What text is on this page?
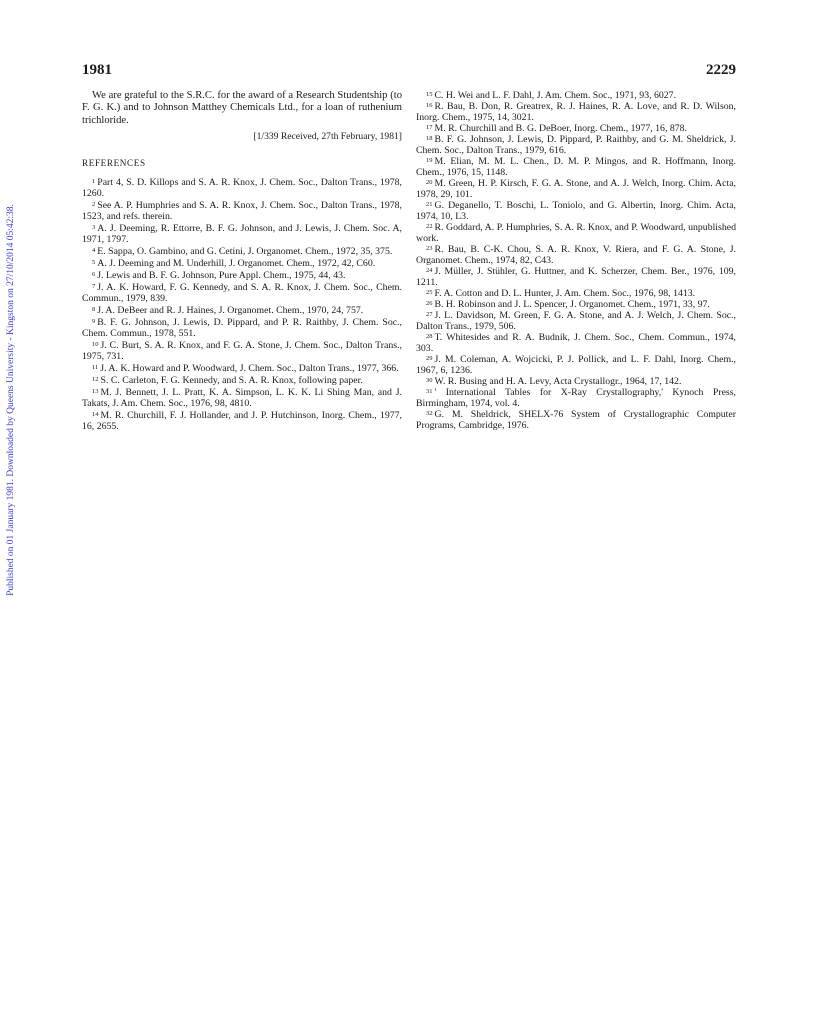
1981	2229
Published on 01 January 1981. Downloaded by Queens University - Kingston on 27/10/2014 05:42:38.

We are grateful to the S.R.C. for the award of a Research Studentship (to F. G. K.) and to Johnson Matthey Chemicals Ltd., for a loan of ruthenium trichloride.

[1/339 Received, 27th February, 1981]

REFERENCES

$^1$ Part 4, S. D. Killops and S. A. R. Knox, J. Chem. Soc., Dalton Trans., 1978, 1260.

$^2$ See A. P. Humphries and S. A. R. Knox, J. Chem. Soc., Dalton Trans., 1978, 1523, and refs. therein.

$^3$ A. J. Deeming, R. Ettorre, B. F. G. Johnson, and J. Lewis, J. Chem. Soc. A, 1971, 1797.

$^4$ E. Sappa, O. Gambino, and G. Cetini, J. Organomet. Chem., 1972, 35, 375.

$^5$ A. J. Deeming and M. Underhill, J. Organomet. Chem., 1972, 42, C60.

$^6$ J. Lewis and B. F. G. Johnson, Pure Appl. Chem., 1975, 44, 43.

$^7$ J. A. K. Howard, F. G. Kennedy, and S. A. R. Knox, J. Chem. Soc., Chem. Commun., 1979, 839.

$^8$ J. A. DeBeer and R. J. Haines, J. Organomet. Chem., 1970, 24, 757.

$^9$ B. F. G. Johnson, J. Lewis, D. Pippard, and P. R. Raithby, J. Chem. Soc., Chem. Commun., 1978, 551.

$^{10}$ J. C. Burt, S. A. R. Knox, and F. G. A. Stone, J. Chem. Soc., Dalton Trans., 1975, 731.

$^{11}$ J. A. K. Howard and P. Woodward, J. Chem. Soc., Dalton Trans., 1977, 366.

$^{12}$ S. C. Carleton, F. G. Kennedy, and S. A. R. Knox, following paper.

$^{13}$ M. J. Bennett, J. L. Pratt, K. A. Simpson, L. K. K. Li Shing Man, and J. Takats, J. Am. Chem. Soc., 1976, 98, 4810.

$^{14}$ M. R. Churchill, F. J. Hollander, and J. P. Hutchinson, Inorg. Chem., 1977, 16, 2655.

$^{15}$ C. H. Wei and L. F. Dahl, J. Am. Chem. Soc., 1971, 93, 6027.

$^{16}$ R. Bau, B. Don, R. Greatrex, R. J. Haines, R. A. Love, and R. D. Wilson, Inorg. Chem., 1975, 14, 3021.

$^{17}$ M. R. Churchill and B. G. DeBoer, Inorg. Chem., 1977, 16, 878.

$^{18}$ B. F. G. Johnson, J. Lewis, D. Pippard, P. Raithby, and G. M. Sheldrick, J. Chem. Soc., Dalton Trans., 1979, 616.

$^{19}$ M. Elian, M. M. L. Chen., D. M. P. Mingos, and R. Hoffmann, Inorg. Chem., 1976, 15, 1148.

$^{20}$ M. Green, H. P. Kirsch, F. G. A. Stone, and A. J. Welch, Inorg. Chim. Acta, 1978, 29, 101.

$^{21}$ G. Deganello, T. Boschi, L. Toniolo, and G. Albertin, Inorg. Chim. Acta, 1974, 10, L3.

$^{22}$ R. Goddard, A. P. Humphries, S. A. R. Knox, and P. Woodward, unpublished work.

$^{23}$ R. Bau, B. C-K. Chou, S. A. R. Knox, V. Riera, and F. G. A. Stone, J. Organomet. Chem., 1974, 82, C43.

$^{24}$ J. Müller, J. Stühler, G. Huttner, and K. Scherzer, Chem. Ber., 1976, 109, 1211.

$^{25}$ F. A. Cotton and D. L. Hunter, J. Am. Chem. Soc., 1976, 98, 1413.

$^{26}$ B. H. Robinson and J. L. Spencer, J. Organomet. Chem., 1971, 33, 97.

$^{27}$ J. L. Davidson, M. Green, F. G. A. Stone, and A. J. Welch, J. Chem. Soc., Dalton Trans., 1979, 506.

$^{28}$ T. Whitesides and R. A. Budnik, J. Chem. Soc., Chem. Commun., 1974, 303.

$^{29}$ J. M. Coleman, A. Wojcicki, P. J. Pollick, and L. F. Dahl, Inorg. Chem., 1967, 6, 1236.

$^{30}$ W. R. Busing and H. A. Levy, Acta Crystallogr., 1964, 17, 142.

$^{31}$ ' International Tables for X-Ray Crystallography,' Kynoch Press, Birmingham, 1974, vol. 4.

$^{32}$ G. M. Sheldrick, SHELX-76 System of Crystallographic Computer Programs, Cambridge, 1976.
